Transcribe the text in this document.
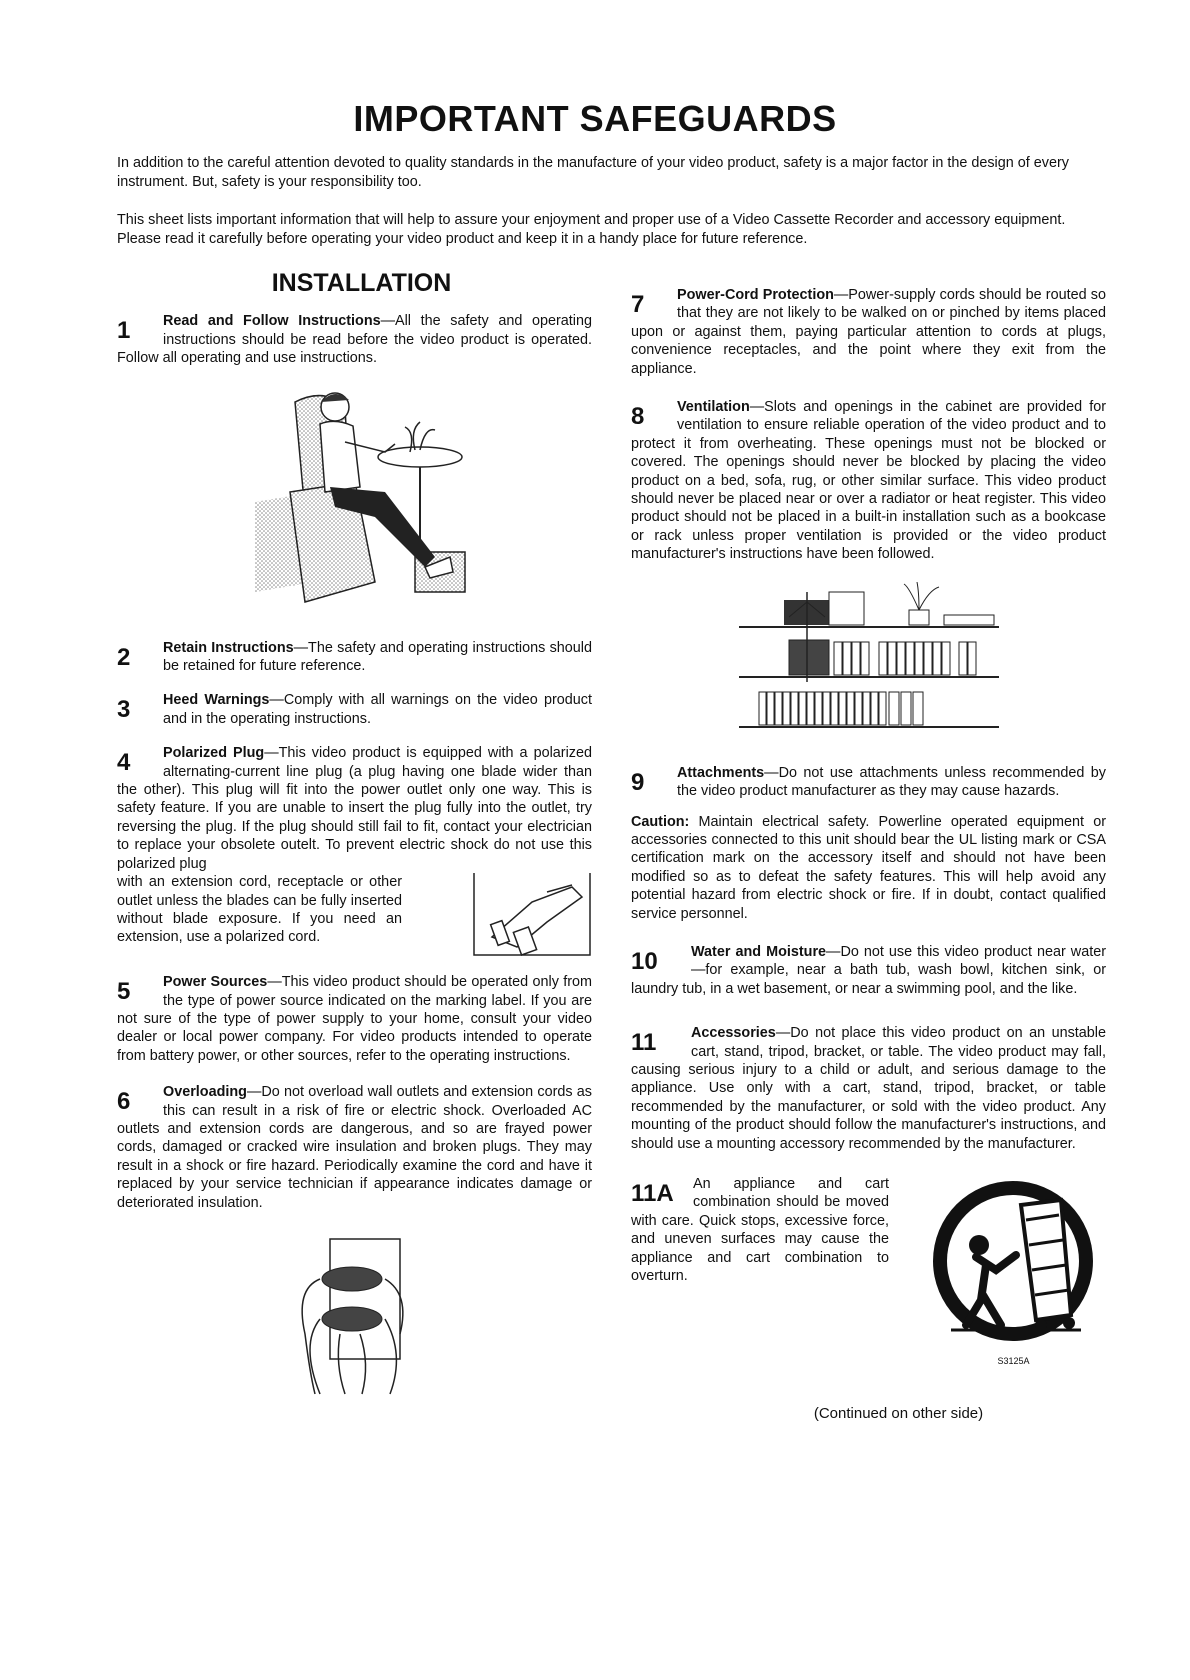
IMPORTANT SAFEGUARDS

In addition to the careful attention devoted to quality standards in the manufacture of your video product, safety is a major factor in the design of every instrument. But, safety is your responsibility too.

This sheet lists important information that will help to assure your enjoyment and proper use of a Video Cassette Recorder and accessory equipment. Please read it carefully before operating your video product and keep it in a handy place for future reference.

INSTALLATION

1	Read and Follow Instructions—All the safety and operating instructions should be read before the video product is operated. Follow all operating and use instructions.

2	Retain Instructions—The safety and operating instructions should be retained for future reference.

3	Heed Warnings—Comply with all warnings on the video product and in the operating instructions.

4	Polarized Plug—This video product is equipped with a polarized alternating-current line plug (a plug having one blade wider than the other). This plug will fit into the power outlet only one way. This is safety feature. If you are unable to insert the plug fully into the outlet, try reversing the plug. If the plug should still fail to fit, contact your electrician to replace your obsolete outelt. To prevent electric shock do not use this polarized plug
with an extension cord, receptacle or other outlet unless the blades can be fully inserted without blade exposure. If you need an extension, use a polarized cord.

5	Power Sources—This video product should be operated only from the type of power source indicated on the marking label. If you are not sure of the type of power supply to your home, consult your video dealer or local power company. For video products intended to operate from battery power, or other sources, refer to the operating instructions.

6	Overloading—Do not overload wall outlets and extension cords as this can result in a risk of fire or electric shock. Overloaded AC outlets and extension cords are dangerous, and so are frayed power cords, damaged or cracked wire insulation and broken plugs. They may result in a shock or fire hazard. Periodically examine the cord and have it replaced by your service technician if appearance indicates damage or deteriorated insulation.

7	Power-Cord Protection—Power-supply cords should be routed so that they are not likely to be walked on or pinched by items placed upon or against them, paying particular attention to cords at plugs, convenience receptacles, and the point where they exit from the appliance.

8	Ventilation—Slots and openings in the cabinet are provided for ventilation to ensure reliable operation of the video product and to protect it from overheating. These openings must not be blocked or covered. The openings should never be blocked by placing the video product on a bed, sofa, rug, or other similar surface. This video product should never be placed near or over a radiator or heat register. This video product should not be placed in a built-in installation such as a bookcase or rack unless proper ventilation is provided or the video product manufacturer's instructions have been followed.

9	Attachments—Do not use attachments unless recommended by the video product manufacturer as they may cause hazards.

Caution: Maintain electrical safety. Powerline operated equipment or accessories connected to this unit should bear the UL listing mark or CSA certification mark on the accessory itself and should not have been modified so as to defeat the safety features. This will help avoid any potential hazard from electric shock or fire. If in doubt, contact qualified service personnel.

10	Water and Moisture—Do not use this video product near water—for example, near a bath tub, wash bowl, kitchen sink, or laundry tub, in a wet basement, or near a swimming pool, and the like.

11	Accessories—Do not place this video product on an unstable cart, stand, tripod, bracket, or table. The video product may fall, causing serious injury to a child or adult, and serious damage to the appliance. Use only with a cart, stand, tripod, bracket, or table recommended by the manufacturer, or sold with the video product. Any mounting of the product should follow the manufacturer's instructions, and should use a mounting accessory recommended by the manufacturer.

11A	An appliance and cart combination should be moved with care. Quick stops, excessive force, and uneven surfaces may cause the appliance and cart combination to overturn.
S3125A
(Continued on other side)
